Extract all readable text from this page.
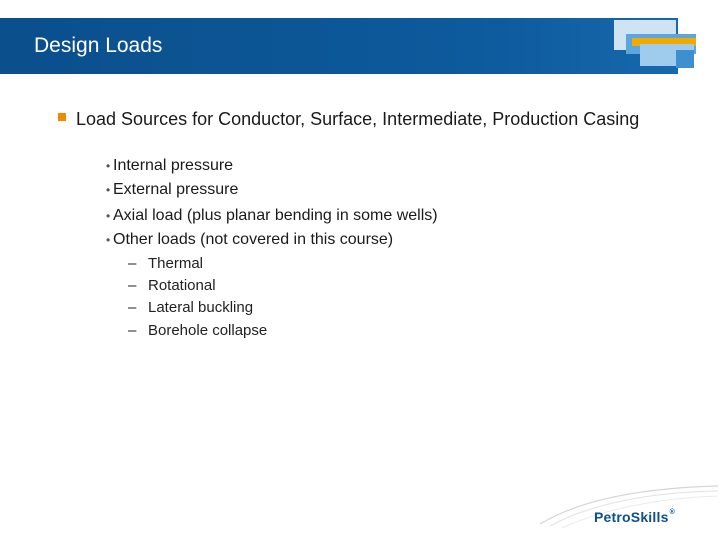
Design Loads
Load Sources for Conductor, Surface, Intermediate, Production Casing
• Internal pressure
• External pressure
• Axial load (plus planar bending in some wells)
• Other loads (not covered in this course)
– Thermal
– Rotational
– Lateral buckling
– Borehole collapse
PetroSkills®
